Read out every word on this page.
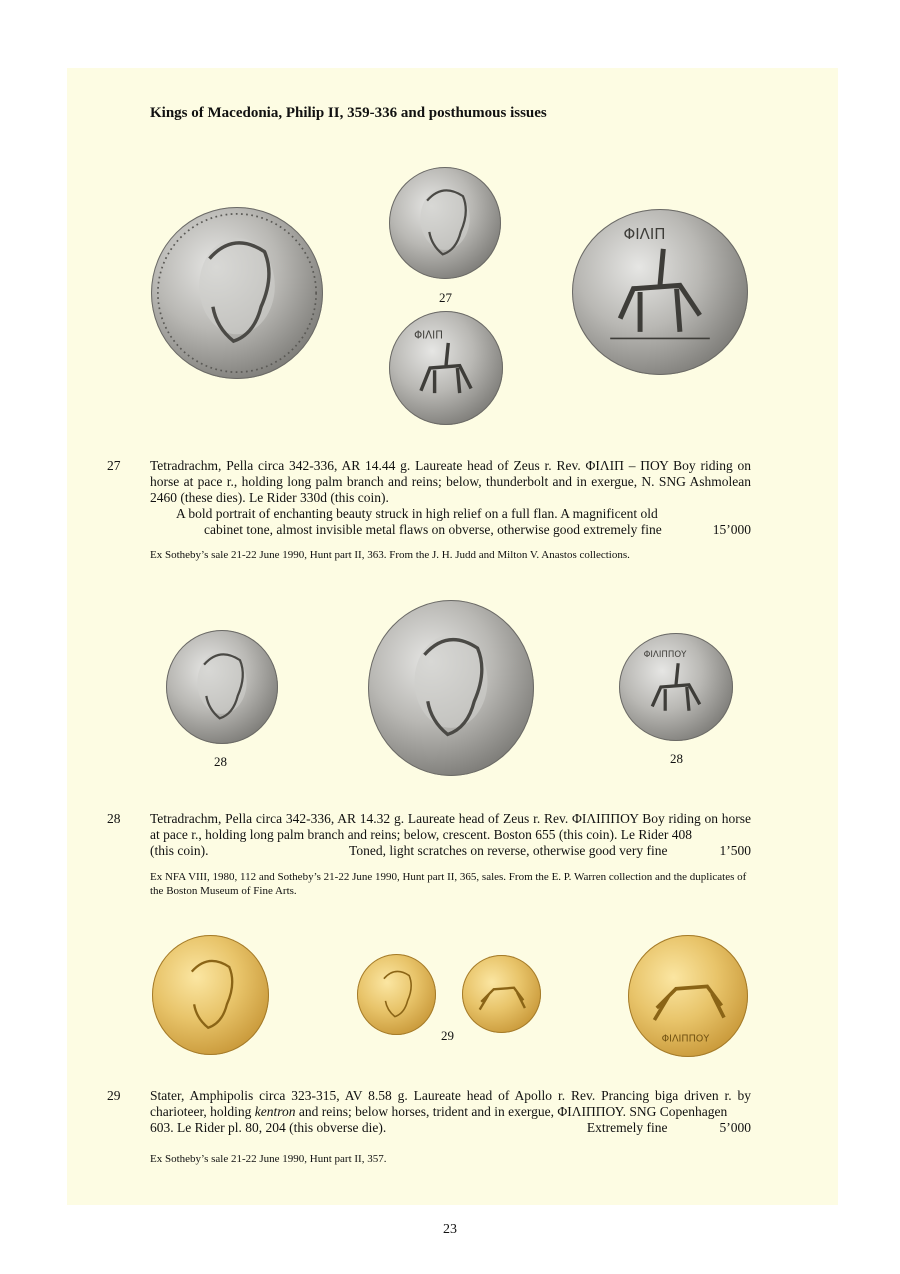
Kings of Macedonia, Philip II, 359-336 and posthumous issues
27
ΦΙΛΙΠ
ΦΙΛΙΠ
27 Tetradrachm, Pella circa 342-336, AR 14.44 g. Laureate head of Zeus r. Rev. ΦΙΛΙΠ – ΠΟΥ Boy riding on horse at pace r., holding long palm branch and reins; below, thunderbolt and in exergue, N. SNG Ashmolean 2460 (these dies). Le Rider 330d (this coin).
A bold portrait of enchanting beauty struck in high relief on a full flan. A magnificent old
cabinet tone, almost invisible metal flaws on obverse, otherwise good extremely fine	15’000
Ex Sotheby’s sale 21-22 June 1990, Hunt part II, 363. From the J. H. Judd and Milton V. Anastos collections.
28
ΦΙΛΙΠΠΟΥ
28
28 Tetradrachm, Pella circa 342-336, AR 14.32 g. Laureate head of Zeus r. Rev. ΦΙΛΙΠΠΟΥ Boy riding on horse at pace r., holding long palm branch and reins; below, crescent. Boston 655 (this coin). Le Rider 408
(this coin).	Toned, light scratches on reverse, otherwise good very fine	1’500
Ex NFA VIII, 1980, 112 and Sotheby’s 21-22 June 1990, Hunt part II, 365, sales. From the E. P. Warren collection and the duplicates of the Boston Museum of Fine Arts.
29	ΦΙΛΙΠΠΟΥ
29 Stater, Amphipolis circa 323-315, AV 8.58 g. Laureate head of Apollo r. Rev. Prancing biga driven r. by charioteer, holding kentron and reins; below horses, trident and in exergue, ΦΙΛΙΠΠΟΥ. SNG Copenhagen
603. Le Rider pl. 80, 204 (this obverse die).	Extremely fine	5’000
Ex Sotheby’s sale 21-22 June 1990, Hunt part II, 357.
23
